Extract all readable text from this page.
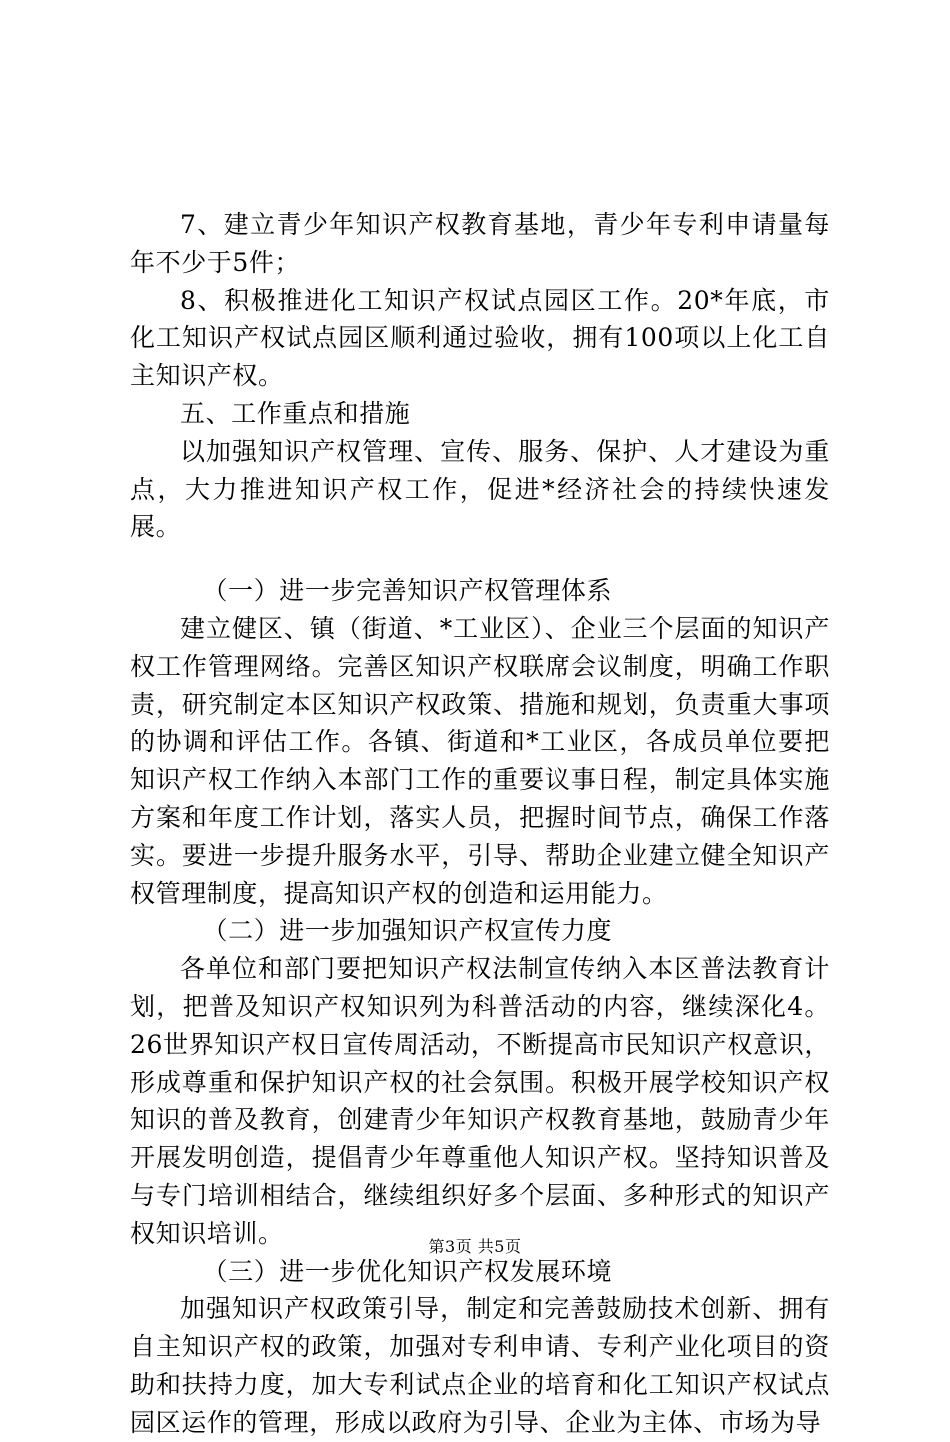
7、建立青少年知识产权教育基地，青少年专利申请量每年不少于5件；

8、积极推进化工知识产权试点园区工作。20*年底，市化工知识产权试点园区顺利通过验收，拥有100项以上化工自主知识产权。

五、工作重点和措施

以加强知识产权管理、宣传、服务、保护、人才建设为重点，大力推进知识产权工作，促进*经济社会的持续快速发展。

（一）进一步完善知识产权管理体系

建立健区、镇（街道、*工业区）、企业三个层面的知识产权工作管理网络。完善区知识产权联席会议制度，明确工作职责，研究制定本区知识产权政策、措施和规划，负责重大事项的协调和评估工作。各镇、街道和*工业区，各成员单位要把知识产权工作纳入本部门工作的重要议事日程，制定具体实施方案和年度工作计划，落实人员，把握时间节点，确保工作落实。要进一步提升服务水平，引导、帮助企业建立健全知识产权管理制度，提高知识产权的创造和运用能力。

（二）进一步加强知识产权宣传力度

各单位和部门要把知识产权法制宣传纳入本区普法教育计划，把普及知识产权知识列为科普活动的内容，继续深化4。26世界知识产权日宣传周活动，不断提高市民知识产权意识，形成尊重和保护知识产权的社会氛围。积极开展学校知识产权知识的普及教育，创建青少年知识产权教育基地，鼓励青少年开展发明创造，提倡青少年尊重他人知识产权。坚持知识普及与专门培训相结合，继续组织好多个层面、多种形式的知识产权知识培训。

（三）进一步优化知识产权发展环境

加强知识产权政策引导，制定和完善鼓励技术创新、拥有自主知识产权的政策，加强对专利申请、专利产业化项目的资助和扶持力度，加大专利试点企业的培育和化工知识产权试点园区运作的管理，形成以政府为引导、企业为主体、市场为导

第3页 共5页
